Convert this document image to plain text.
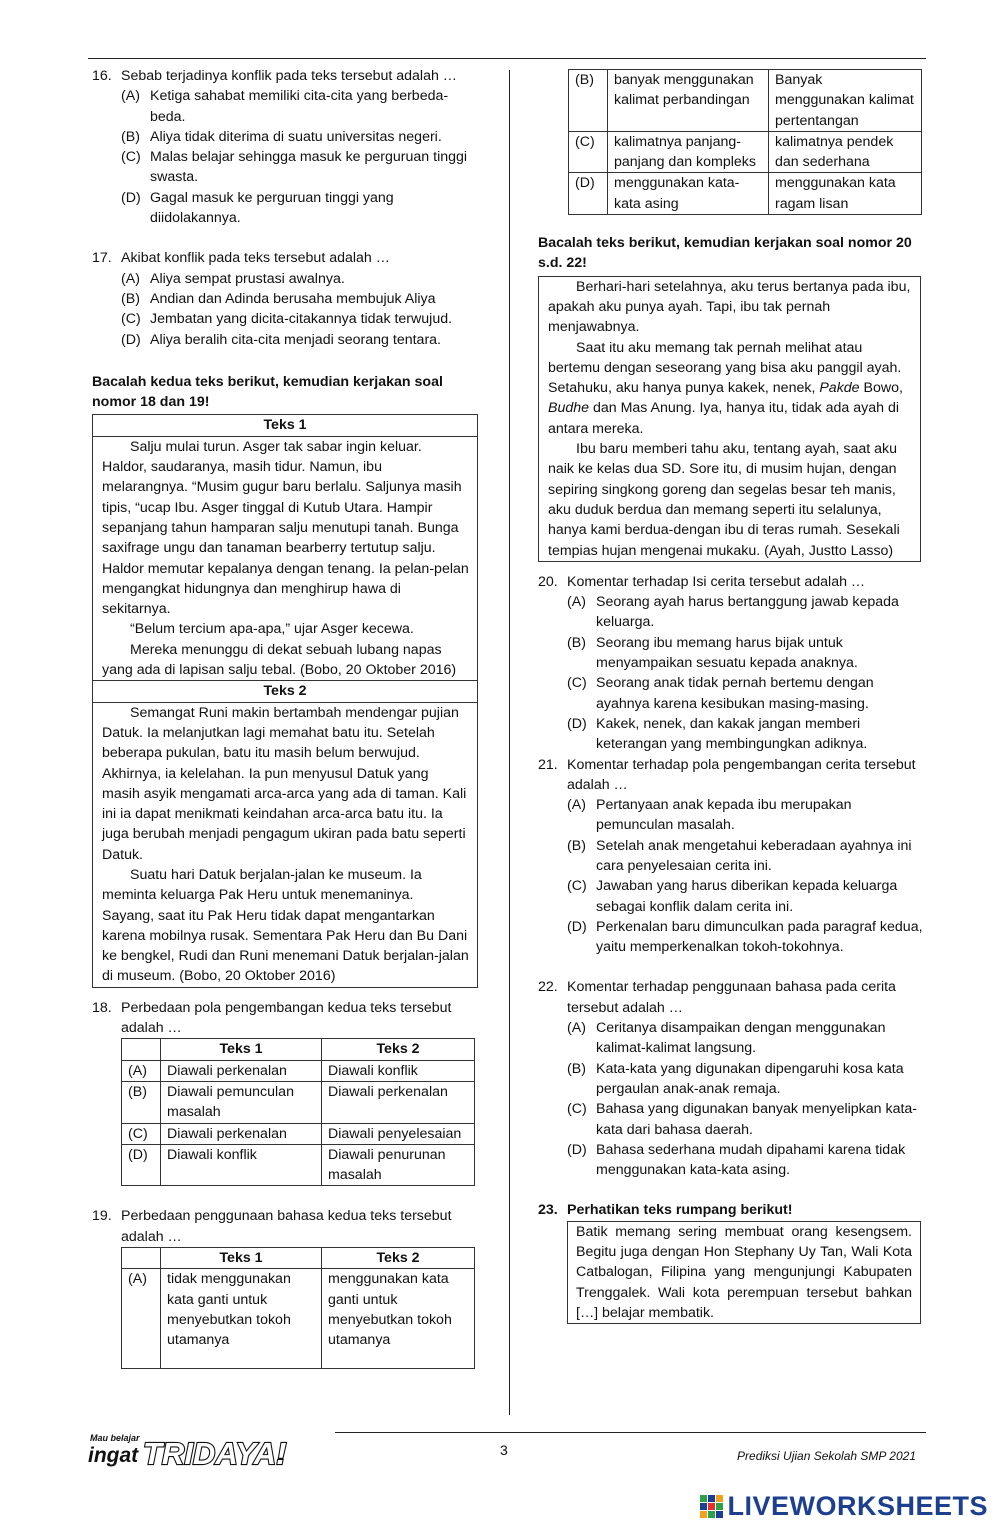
16. Sebab terjadinya konflik pada teks tersebut adalah …
(A) Ketiga sahabat memiliki cita-cita yang berbeda-beda.
(B) Aliya tidak diterima di suatu universitas negeri.
(C) Malas belajar sehingga masuk ke perguruan tinggi swasta.
(D) Gagal masuk ke perguruan tinggi yang diidolakannya.
17. Akibat konflik pada teks tersebut adalah …
(A) Aliya sempat prustasi awalnya.
(B) Andian dan Adinda berusaha membujuk Aliya
(C) Jembatan yang dicita-citakannya tidak terwujud.
(D) Aliya beralih cita-cita menjadi seorang tentara.
Bacalah kedua teks berikut, kemudian kerjakan soal nomor 18 dan 19!
Teks 1
Salju mulai turun. Asger tak sabar ingin keluar. Haldor, saudaranya, masih tidur. Namun, ibu melarangnya. “Musim gugur baru berlalu. Saljunya masih tipis, “ucap Ibu. Asger tinggal di Kutub Utara. Hampir sepanjang tahun hamparan salju menutupi tanah. Bunga saxifrage ungu dan tanaman bearberry tertutup salju. Haldor memutar kepalanya dengan tenang. Ia pelan-pelan mengangkat hidungnya dan menghirup hawa di sekitarnya.
“Belum tercium apa-apa,” ujar Asger kecewa.
Mereka menunggu di dekat sebuah lubang napas yang ada di lapisan salju tebal. (Bobo, 20 Oktober 2016)
Teks 2
Semangat Runi makin bertambah mendengar pujian Datuk. Ia melanjutkan lagi memahat batu itu. Setelah beberapa pukulan, batu itu masih belum berwujud. Akhirnya, ia kelelahan. Ia pun menyusul Datuk yang masih asyik mengamati arca-arca yang ada di taman. Kali ini ia dapat menikmati keindahan arca-arca batu itu. Ia juga berubah menjadi pengagum ukiran pada batu seperti Datuk.
Suatu hari Datuk berjalan-jalan ke museum. Ia meminta keluarga Pak Heru untuk menemaninya. Sayang, saat itu Pak Heru tidak dapat mengantarkan karena mobilnya rusak. Sementara Pak Heru dan Bu Dani ke bengkel, Rudi dan Runi menemani Datuk berjalan-jalan di museum. (Bobo, 20 Oktober 2016)
18. Perbedaan pola pengembangan kedua teks tersebut adalah …
	Teks 1	Teks 2
(A)	Diawali perkenalan	Diawali konflik
(B)	Diawali pemunculan masalah	Diawali perkenalan
(C)	Diawali perkenalan	Diawali penyelesaian
(D)	Diawali konflik	Diawali penurunan masalah
19. Perbedaan penggunaan bahasa kedua teks tersebut adalah …
	Teks 1	Teks 2
(A)	tidak menggunakan kata ganti untuk menyebutkan tokoh utamanya	menggunakan kata ganti untuk menyebutkan tokoh utamanya
(B)	banyak menggunakan kalimat perbandingan	Banyak menggunakan kalimat pertentangan
(C)	kalimatnya panjang-panjang dan kompleks	kalimatnya pendek dan sederhana
(D)	menggunakan kata-kata asing	menggunakan kata ragam lisan
Bacalah teks berikut, kemudian kerjakan soal nomor 20 s.d. 22!
Berhari-hari setelahnya, aku terus bertanya pada ibu, apakah aku punya ayah. Tapi, ibu tak pernah menjawabnya.
Saat itu aku memang tak pernah melihat atau bertemu dengan seseorang yang bisa aku panggil ayah. Setahuku, aku hanya punya kakek, nenek, Pakde Bowo, Budhe dan Mas Anung. Iya, hanya itu, tidak ada ayah di antara mereka.
Ibu baru memberi tahu aku, tentang ayah, saat aku naik ke kelas dua SD. Sore itu, di musim hujan, dengan sepiring singkong goreng dan segelas besar teh manis, aku duduk berdua dan memang seperti itu selalunya, hanya kami berdua-dengan ibu di teras rumah. Sesekali tempias hujan mengenai mukaku. (Ayah, Justto Lasso)
20. Komentar terhadap Isi cerita tersebut adalah …
(A) Seorang ayah harus bertanggung jawab kepada keluarga.
(B) Seorang ibu memang harus bijak untuk menyampaikan sesuatu kepada anaknya.
(C) Seorang anak tidak pernah bertemu dengan ayahnya karena kesibukan masing-masing.
(D) Kakek, nenek, dan kakak jangan memberi keterangan yang membingungkan adiknya.
21. Komentar terhadap pola pengembangan cerita tersebut adalah …
(A) Pertanyaan anak kepada ibu merupakan pemunculan masalah.
(B) Setelah anak mengetahui keberadaan ayahnya ini cara penyelesaian cerita ini.
(C) Jawaban yang harus diberikan kepada keluarga sebagai konflik dalam cerita ini.
(D) Perkenalan baru dimunculkan pada paragraf kedua, yaitu memperkenalkan tokoh-tokohnya.
22. Komentar terhadap penggunaan bahasa pada cerita tersebut adalah …
(A) Ceritanya disampaikan dengan menggunakan kalimat-kalimat langsung.
(B) Kata-kata yang digunakan dipengaruhi kosa kata pergaulan anak-anak remaja.
(C) Bahasa yang digunakan banyak menyelipkan kata-kata dari bahasa daerah.
(D) Bahasa sederhana mudah dipahami karena tidak menggunakan kata-kata asing.
23. Perhatikan teks rumpang berikut!
Batik memang sering membuat orang kesengsem. Begitu juga dengan Hon Stephany Uy Tan, Wali Kota Catbalogan, Filipina yang mengunjungi Kabupaten Trenggalek. Wali kota perempuan tersebut bahkan […] belajar membatik.
Mau belajar
ingat TRIDAYA!	3	Prediksi Ujian Sekolah SMP 2021
LIVEWORKSHEETS
